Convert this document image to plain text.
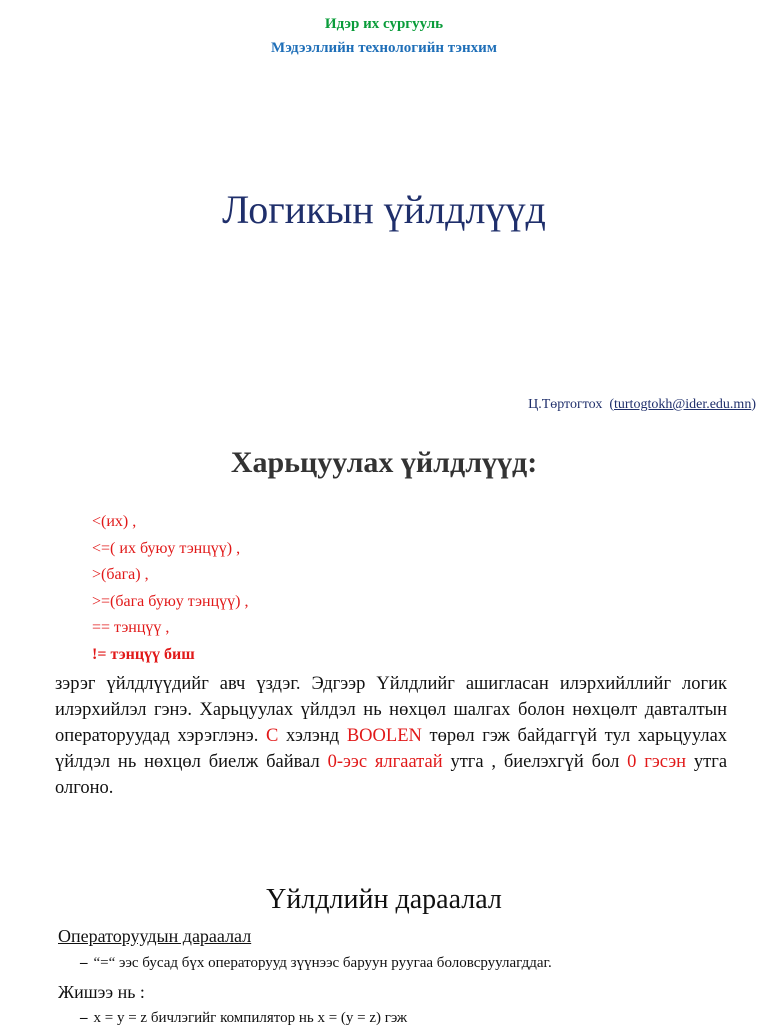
Идэр их сургууль
Мэдээллийн технологийн тэнхим
Логикын үйлдлүүд
Ц.Төртогтох (turtogtokh@ider.edu.mn)
Харьцуулах үйлдлүүд:
<(их) ,
<=( их буюу тэнцүү) ,
>(бага) ,
>=(бага буюу тэнцүү) ,
== тэнцүү ,
!= тэнцүү биш

зэрэг үйлдлүүдийг авч үздэг. Эдгээр Үйлдлийг ашигласан илэрхийллийг логик илэрхийлэл гэнэ. Харьцуулах үйлдэл нь нөхцөл шалгах болон нөхцөлт давталтын операторуудад хэрэглэнэ. С хэлэнд BOOLEN төрөл гэж байдаггүй тул харьцуулах үйлдэл нь нөхцөл биелж байвал 0-ээс ялгаатай утга , биелэхгүй бол 0 гэсэн утга олгоно.

Үйлдлийн дараалал
Операторуудын дараалал
– “=“ ээс бусад бүх операторууд зүүнээс баруун руугаа боловсруулагддаг.
Жишээ нь :
– x = y = z бичлэгийг компилятор нь x = (y = z) гэж
